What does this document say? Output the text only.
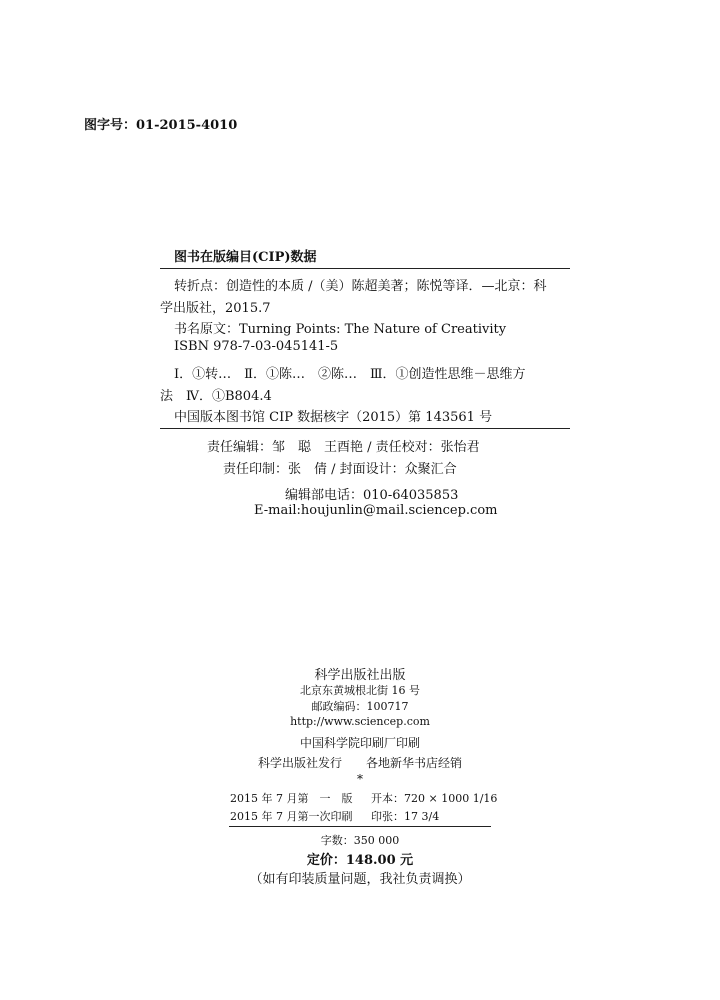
图字号：01-2015-4010
图书在版编目(CIP)数据
转折点：创造性的本质 /（美）陈超美著；陈悦等译．—北京：科
学出版社，2015.7
书名原文：Turning Points: The Nature of Creativity
ISBN 978-7-03-045141-5
Ⅰ．①转…　Ⅱ．①陈…　②陈…　Ⅲ．①创造性思维－思维方
法　Ⅳ．①B804.4
中国版本图书馆 CIP 数据核字（2015）第 143561 号
责任编辑：邹　聪　王酉艳 / 责任校对：张怡君
责任印制：张　倩 / 封面设计：众聚汇合
编辑部电话：010-64035853
E-mail:houjunlin@mail.sciencep.com
科学出版社出版
北京东黄城根北街 16 号
邮政编码：100717
http://www.sciencep.com
中国科学院印刷厂印刷
科学出版社发行　　各地新华书店经销
*
2015 年 7 月第　一　版 开本：720 × 1000 1/16
2015 年 7 月第一次印刷 印张：17 3/4
字数：350 000
定价：148.00 元
（如有印装质量问题，我社负责调换）
